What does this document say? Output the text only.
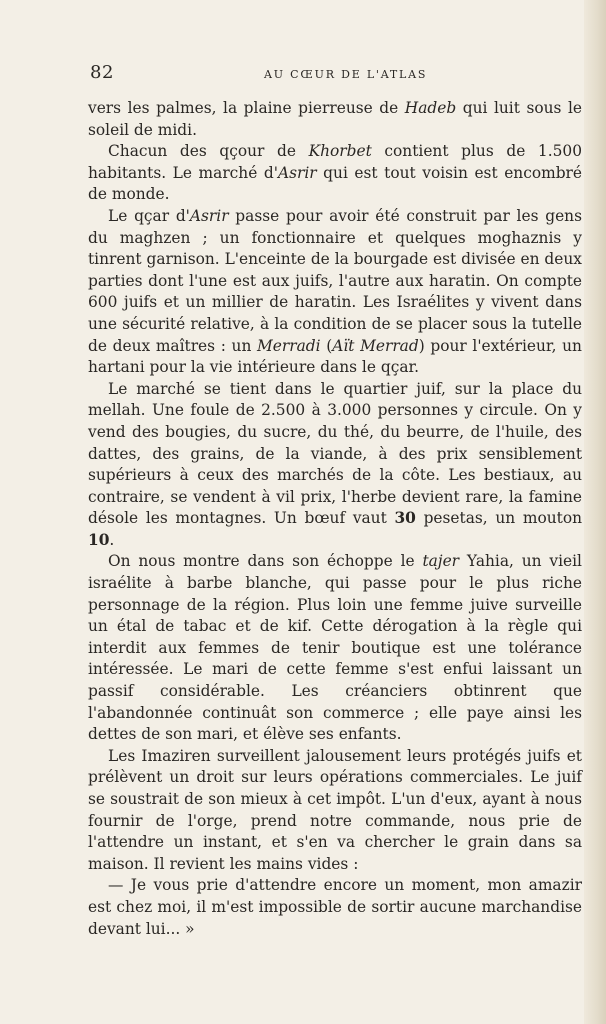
82	AU CŒUR DE L'ATLAS

vers les palmes, la plaine pierreuse de Hadeb qui luit sous le soleil de midi.

Chacun des qçour de Khorbet contient plus de 1.500 habitants. Le marché d'Asrir qui est tout voisin est encombré de monde.

Le qçar d'Asrir passe pour avoir été construit par les gens du maghzen ; un fonctionnaire et quelques moghaznis y tinrent garnison. L'enceinte de la bourgade est divisée en deux parties dont l'une est aux juifs, l'autre aux haratin. On compte 600 juifs et un millier de haratin. Les Israélites y vivent dans une sécurité relative, à la condition de se placer sous la tutelle de deux maîtres : un Merradi (Aït Merrad) pour l'extérieur, un hartani pour la vie intérieure dans le qçar.

Le marché se tient dans le quartier juif, sur la place du mellah. Une foule de 2.500 à 3.000 personnes y circule. On y vend des bougies, du sucre, du thé, du beurre, de l'huile, des dattes, des grains, de la viande, à des prix sensiblement supérieurs à ceux des marchés de la côte. Les bestiaux, au contraire, se vendent à vil prix, l'herbe devient rare, la famine désole les montagnes. Un bœuf vaut 30 pesetas, un mouton 10.

On nous montre dans son échoppe le tajer Yahia, un vieil israélite à barbe blanche, qui passe pour le plus riche personnage de la région. Plus loin une femme juive surveille un étal de tabac et de kif. Cette dérogation à la règle qui interdit aux femmes de tenir boutique est une tolérance intéressée. Le mari de cette femme s'est enfui laissant un passif considérable. Les créanciers obtinrent que l'abandonnée continuât son commerce ; elle paye ainsi les dettes de son mari, et élève ses enfants.

Les Imaziren surveillent jalousement leurs protégés juifs et prélèvent un droit sur leurs opérations commerciales. Le juif se soustrait de son mieux à cet impôt. L'un d'eux, ayant à nous fournir de l'orge, prend notre commande, nous prie de l'attendre un instant, et s'en va chercher le grain dans sa maison. Il revient les mains vides :

— Je vous prie d'attendre encore un moment, mon amazir est chez moi, il m'est impossible de sortir aucune marchandise devant lui... »
